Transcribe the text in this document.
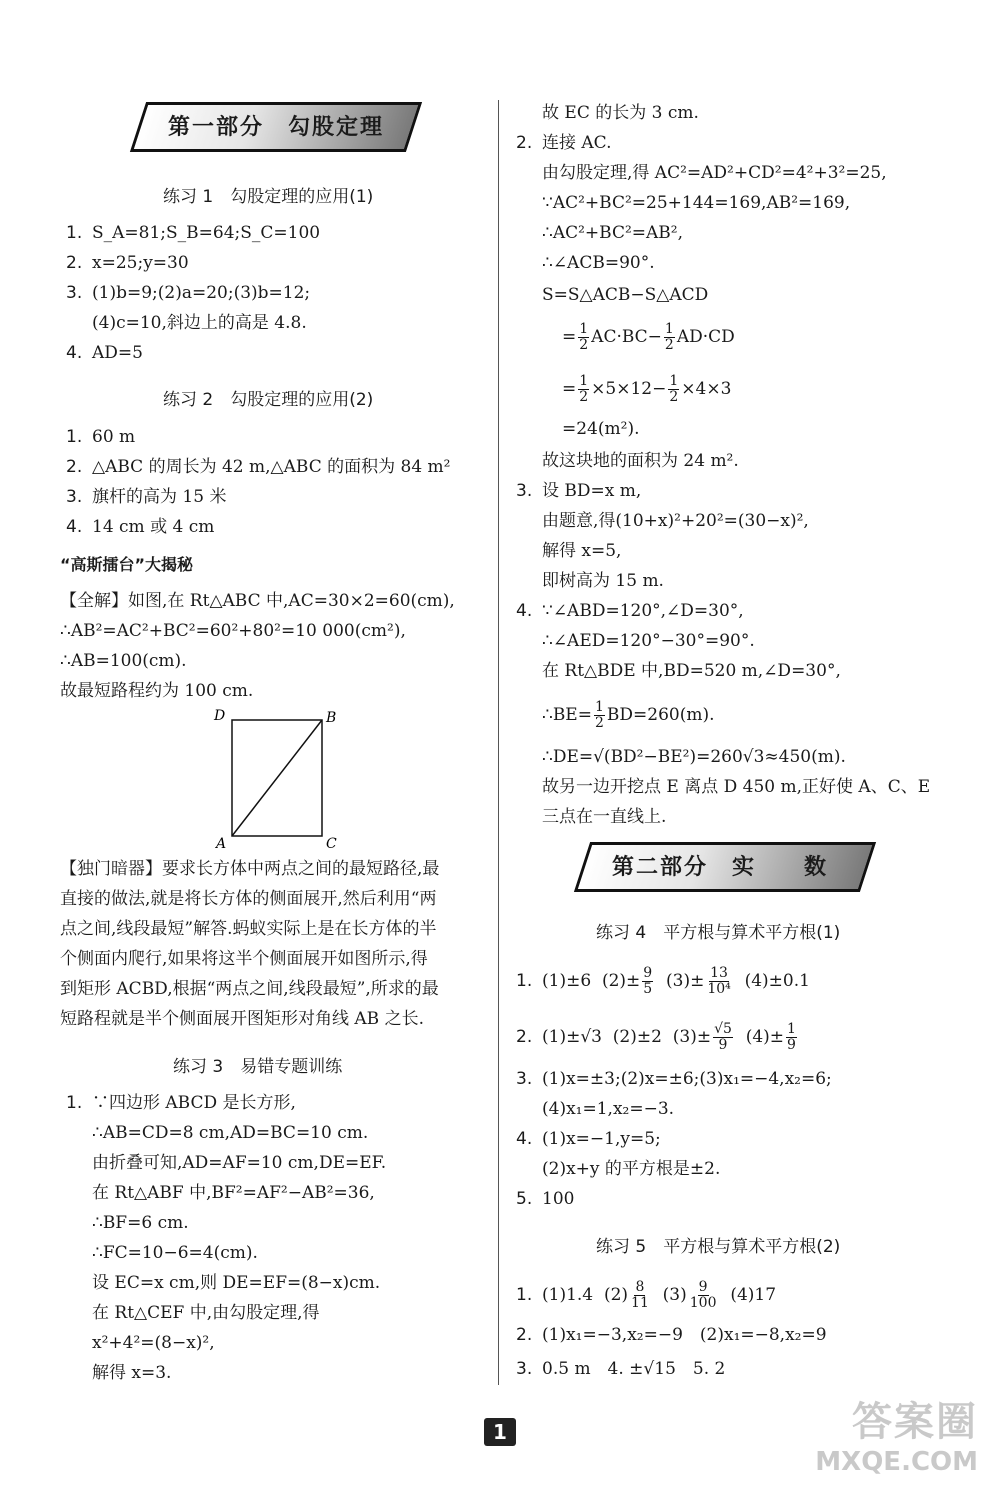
第一部分　勾股定理
练习 1　勾股定理的应用(1)
1. S_A=81;S_B=64;S_C=100
2. x=25;y=30
3. (1)b=9;(2)a=20;(3)b=12;
(4)c=10,斜边上的高是 4.8.
4. AD=5
练习 2　勾股定理的应用(2)
1. 60 m
2. △ABC 的周长为 42 m,△ABC 的面积为 84 m²
3. 旗杆的高为 15 米
4. 14 cm 或 4 cm
“高斯擂台”大揭秘
【全解】如图,在 Rt△ABC 中,AC=30×2=60(cm),
∴AB²=AC²+BC²=60²+80²=10 000(cm²),
∴AB=100(cm).
故最短路程约为 100 cm.
D	B
A	C
【独门暗器】要求长方体中两点之间的最短路径,最
直接的做法,就是将长方体的侧面展开,然后利用“两
点之间,线段最短”解答.蚂蚁实际上是在长方体的半
个侧面内爬行,如果将这半个侧面展开如图所示,得
到矩形 ACBD,根据“两点之间,线段最短”,所求的最
短路程就是半个侧面展开图矩形对角线 AB 之长.
练习 3　易错专题训练
1. ∵四边形 ABCD 是长方形,
∴AB=CD=8 cm,AD=BC=10 cm.
由折叠可知,AD=AF=10 cm,DE=EF.
在 Rt△ABF 中,BF²=AF²−AB²=36,
∴BF=6 cm.
∴FC=10−6=4(cm).
设 EC=x cm,则 DE=EF=(8−x)cm.
在 Rt△CEF 中,由勾股定理,得
x²+4²=(8−x)²,
解得 x=3.
故 EC 的长为 3 cm.
2. 连接 AC.
由勾股定理,得 AC²=AD²+CD²=4²+3²=25,
∵AC²+BC²=25+144=169,AB²=169,
∴AC²+BC²=AB²,
∴∠ACB=90°.
S=S△ACB−S△ACD
= $\frac{1}{2} AC\cdot BC- \frac{1}{2} AD\cdot CD$
= $\frac{1}{2} \times 5\times 12- \frac{1}{2} \times 4\times 3$
=24(m²).
故这块地的面积为 24 m².
3. 设 BD=x m,
由题意,得(10+x)²+20²=(30−x)²,
解得 x=5,
即树高为 15 m.
4. ∵∠ABD=120°,∠D=30°,
∴∠AED=120°−30°=90°.
在 Rt△BDE 中,BD=520 m,∠D=30°,
∴BE= $\frac{1}{2} BD=260(m)$.
∴DE=√(BD²−BE²)=260√3≈450(m).
故另一边开挖点 E 离点 D 450 m,正好使 A、C、E
三点在一直线上.
第二部分　实　　数
练习 4　平方根与算术平方根(1)
1. (1)±6 $(2)\pm \frac{9}{5} (3)\pm \frac{13}{\text{10⁴}} (4)\pm 0.1$
2. (1)±√3 (2)±2 $(3)\pm \frac{√5}{9} (4)\pm \frac{1}{9}$
3. (1)x=±3;(2)x=±6;(3)x₁=−4,x₂=6;
(4)x₁=1,x₂=−3.
4. (1)x=−1,y=5;
(2)x+y 的平方根是±2.
5. 100
练习 5　平方根与算术平方根(2)
1. (1)1.4 $(2) \frac{8}{11} (3) \frac{9}{100} (4)17$
2. (1)x₁=−3,x₂=−9　(2)x₁=−8,x₂=9
3. 0.5 m　4. ±√15　5. 2
1	答案圈
MXQE.COM
